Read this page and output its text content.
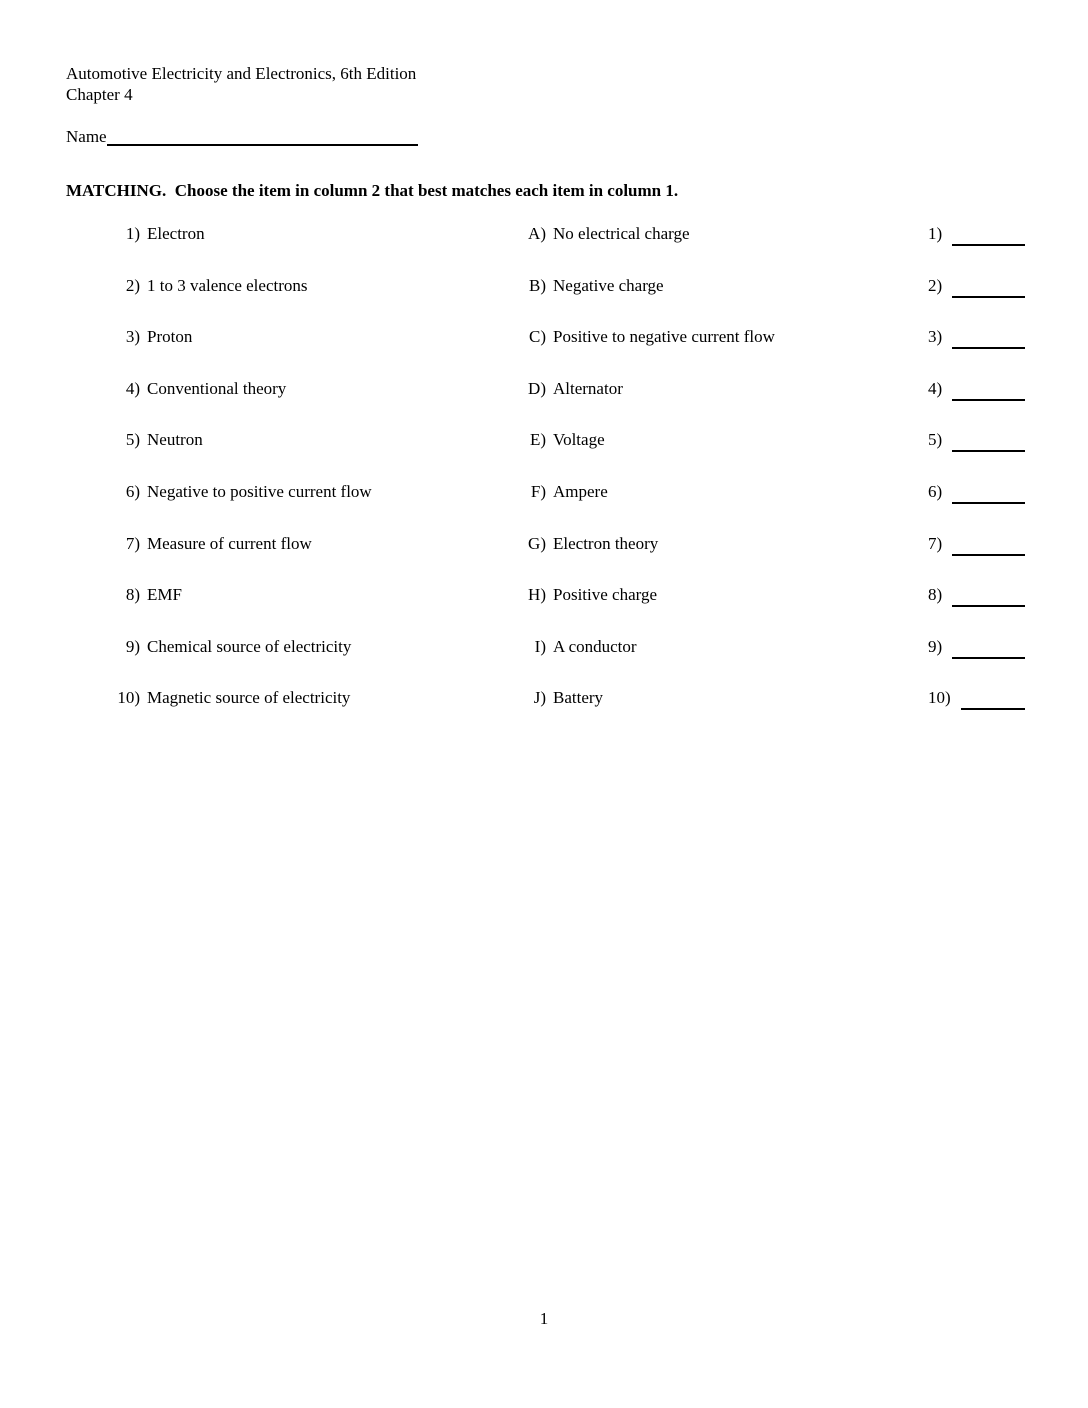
Automotive Electricity and Electronics, 6th Edition
Chapter 4
Name
MATCHING.  Choose the item in column 2 that best matches each item in column 1.
1) Electron	A) No electrical charge	1)
2) 1 to 3 valence electrons	B) Negative charge	2)
3) Proton	C) Positive to negative current flow	3)
4) Conventional theory	D) Alternator	4)
5) Neutron	E) Voltage	5)
6) Negative to positive current flow	F) Ampere	6)
7) Measure of current flow	G) Electron theory	7)
8) EMF	H) Positive charge	8)
9) Chemical source of electricity	I) A conductor	9)
10) Magnetic source of electricity	J) Battery	10)
1
